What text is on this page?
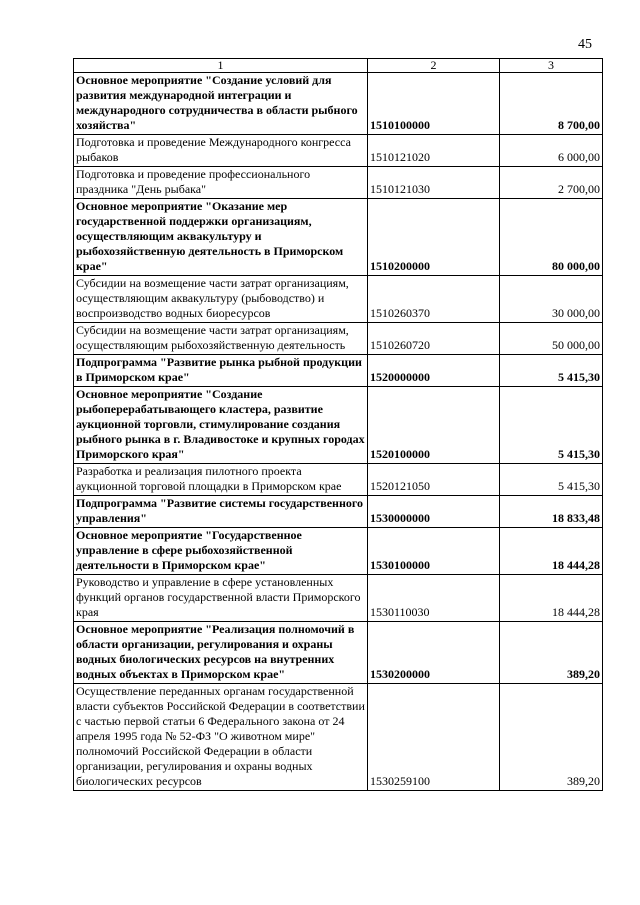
45
1	2	3
Основное мероприятие "Создание условий для развития международной интеграции и международного сотрудничества в области рыбного хозяйства"	1510100000	8 700,00
Подготовка и проведение Международного конгресса рыбаков	1510121020	6 000,00
Подготовка и проведение профессионального праздника "День рыбака"	1510121030	2 700,00
Основное мероприятие "Оказание мер государственной поддержки организациям, осуществляющим аквакультуру и рыбохозяйственную деятельность в Приморском крае"	1510200000	80 000,00
Субсидии на возмещение части затрат организациям, осуществляющим аквакультуру (рыбоводство) и воспроизводство водных биоресурсов	1510260370	30 000,00
Субсидии на возмещение части затрат организациям, осуществляющим рыбохозяйственную деятельность	1510260720	50 000,00
Подпрограмма "Развитие рынка рыбной продукции в Приморском крае"	1520000000	5 415,30
Основное мероприятие "Создание рыбоперерабатывающего кластера, развитие аукционной торговли, стимулирование создания рыбного рынка в г. Владивостоке и крупных городах Приморского края"	1520100000	5 415,30
Разработка и реализация пилотного проекта аукционной торговой площадки в Приморском крае	1520121050	5 415,30
Подпрограмма "Развитие системы государственного управления"	1530000000	18 833,48
Основное мероприятие "Государственное управление в сфере рыбохозяйственной деятельности в Приморском крае"	1530100000	18 444,28
Руководство и управление в сфере установленных функций органов государственной власти Приморского края	1530110030	18 444,28
Основное мероприятие "Реализация полномочий в области организации, регулирования и охраны водных биологических ресурсов на внутренних водных объектах в Приморском крае"	1530200000	389,20
Осуществление переданных органам государственной власти субъектов Российской Федерации в соответствии с частью первой статьи 6 Федерального закона от 24 апреля 1995 года № 52-ФЗ "О животном мире" полномочий Российской Федерации в области организации, регулирования и охраны водных биологических ресурсов	1530259100	389,20
